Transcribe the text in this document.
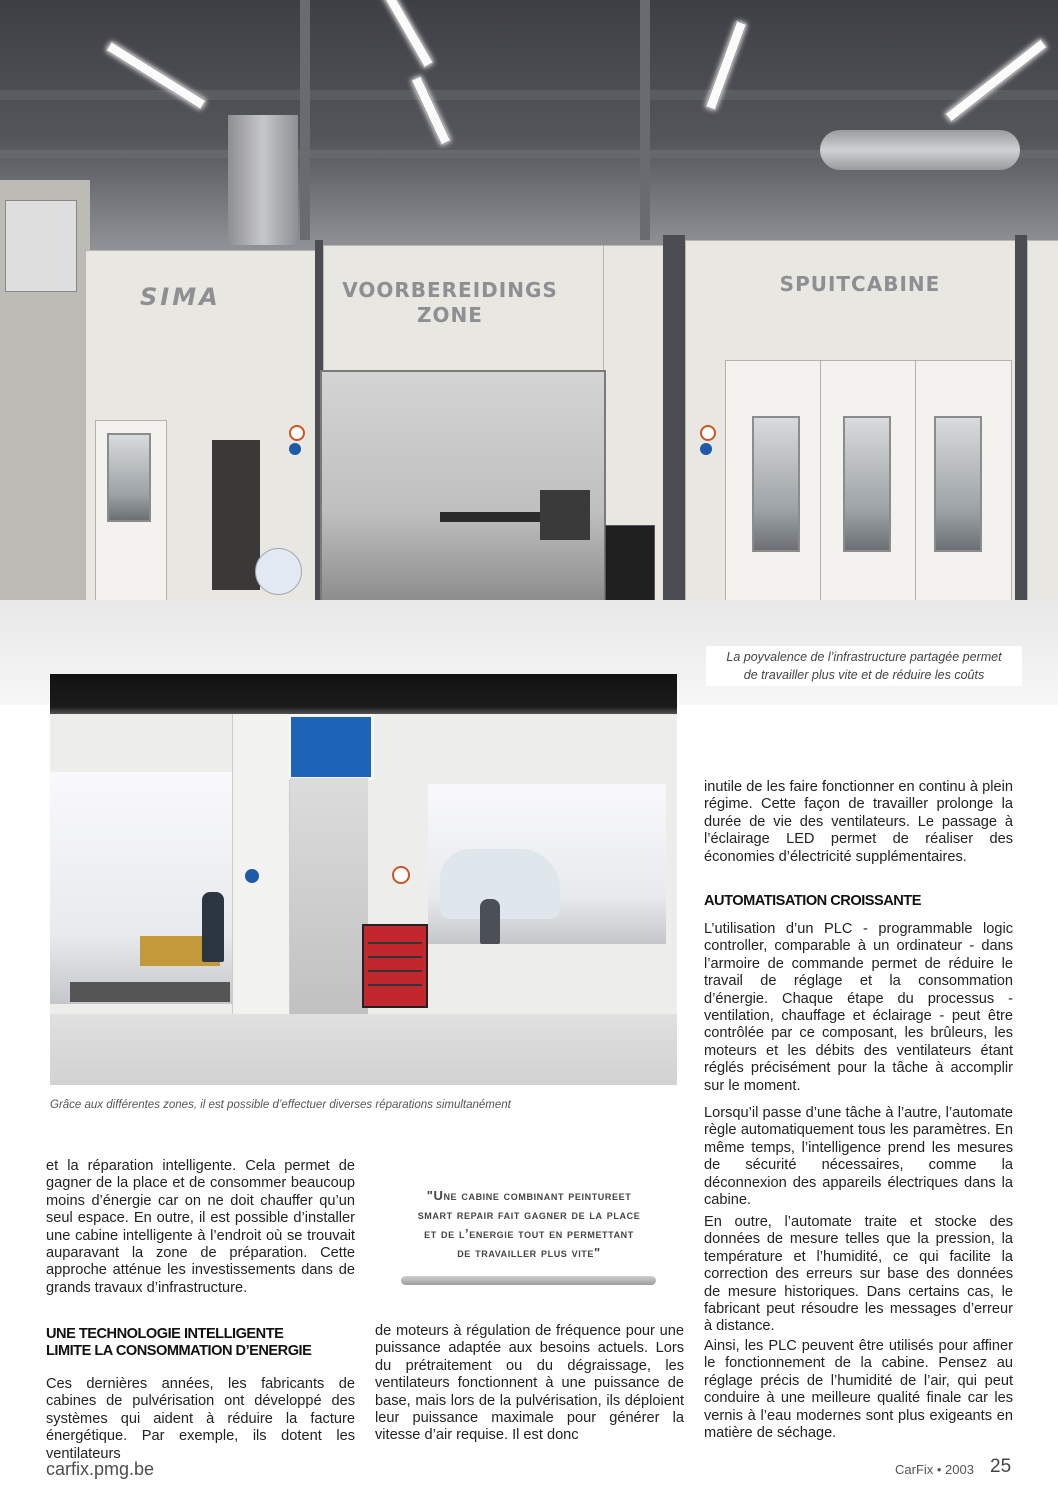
SIMA	VOORBEREIDINGS
ZONE
SPUITCABINE
La poyvalence de l’infrastructure partagée permet
de travailler plus vite et de réduire les coûts
Grâce aux différentes zones, il est possible d’effectuer diverses réparations simultanément

et la réparation intelligente. Cela permet de gagner de la place et de consommer beaucoup moins d’énergie car on ne doit chauffer qu’un seul espace. En outre, il est possible d’installer une cabine intelligente à l’endroit où se trouvait auparavant la zone de préparation. Cette approche atténue les investissements dans de grands travaux d’infrastructure.

UNE TECHNOLOGIE INTELLIGENTE
LIMITE LA CONSOMMATION D’ENERGIE

Ces dernières années, les fabricants de cabines de pulvérisation ont développé des systèmes qui aident à réduire la facture énergétique. Par exemple, ils dotent les ventilateurs

"Une cabine combinant peintureet
smart repair fait gagner de la place
et de l’energie tout en permettant
de travailler plus vite"

de moteurs à régulation de fréquence pour une puissance adaptée aux besoins actuels. Lors du prétraitement ou du dégraissage, les ventilateurs fonctionnent à une puissance de base, mais lors de la pulvérisation, ils déploient leur puissance maximale pour générer la vitesse d’air requise. Il est donc

inutile de les faire fonctionner en continu à plein régime. Cette façon de travailler prolonge la durée de vie des ventilateurs. Le passage à l’éclairage LED permet de réaliser des économies d’électricité supplémentaires.

AUTOMATISATION CROISSANTE

L’utilisation d’un PLC - programmable logic controller, comparable à un ordinateur - dans l’armoire de commande permet de réduire le travail de réglage et la consommation d’énergie. Chaque étape du processus - ventilation, chauffage et éclairage - peut être contrôlée par ce composant, les brûleurs, les moteurs et les débits des ventilateurs étant réglés précisément pour la tâche à accomplir sur le moment.

Lorsqu’il passe d’une tâche à l’autre, l’automate règle automatiquement tous les paramètres. En même temps, l’intelligence prend les mesures de sécurité nécessaires, comme la déconnexion des appareils électriques dans la cabine.

En outre, l’automate traite et stocke des données de mesure telles que la pression, la température et l’humidité, ce qui facilite la correction des erreurs sur base des données de mesure historiques. Dans certains cas, le fabricant peut résoudre les messages d’erreur à distance.

Ainsi, les PLC peuvent être utilisés pour affiner le fonctionnement de la cabine. Pensez au réglage précis de l’humidité de l’air, qui peut conduire à une meilleure qualité finale car les vernis à l’eau modernes sont plus exigeants en matière de séchage.

carfix.pmg.be	CarFix • 2003 25
